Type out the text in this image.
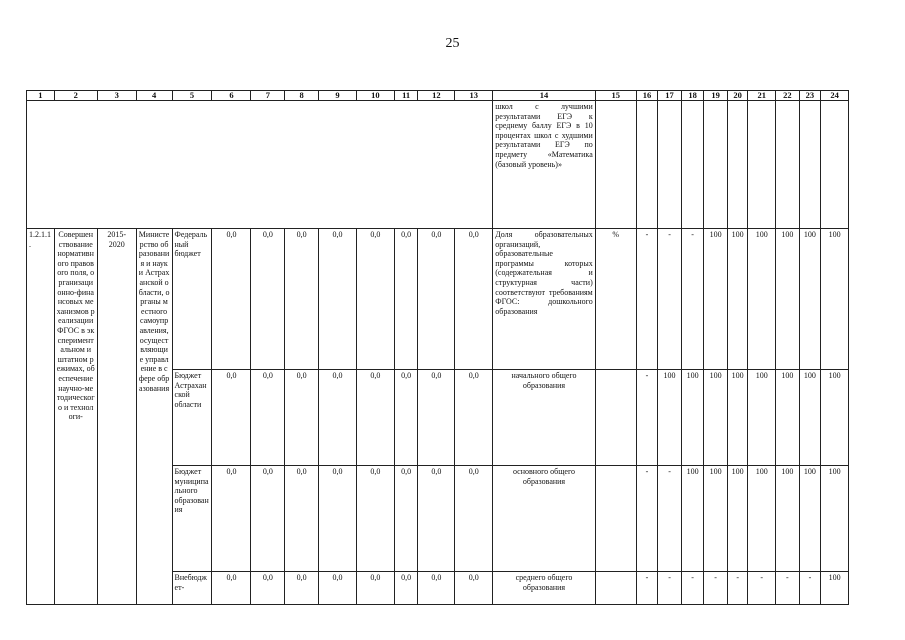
25
1	2	3	4	5	6	7	8	9	10	11	12	13	14	15	16	17	18	19	20	21	22	23	24
													школ с лучшими результатами ЕГЭ к среднему баллу ЕГЭ в 10 процентах школ с худшими результатами ЕГЭ по предмету «Математика (базовый уровень)»										
1.2.1.1.	Совершенствование нормативного правового поля, организационно-финансовых механизмов реализации ФГОС в экспериментальном и штатном режимах, обеспечение научно-методического и технологи-	2015-2020	Министерство образования и науки Астраханской области, органы местного самоуправления, осуществляющие управление в сфере образования	Федеральный бюджет	0,0	0,0	0,0	0,0	0,0	0,0	0,0	0,0	Доля образовательных организаций, образовательные программы которых (содержательная и структурная части) соответствуют требованиям ФГОС: дошкольного образования	%	-	-	-	100	100	100	100	100	100
				Бюджет Астраханской области	0,0	0,0	0,0	0,0	0,0	0,0	0,0	0,0	начального общего образования		-	100	100	100	100	100	100	100	100
				Бюджет муниципального образования	0,0	0,0	0,0	0,0	0,0	0,0	0,0	0,0	основного общего образования		-	-	100	100	100	100	100	100	100
				Внебюджет-	0,0	0,0	0,0	0,0	0,0	0,0	0,0	0,0	среднего общего образования		-	-	-	-	-	-	-	-	100
